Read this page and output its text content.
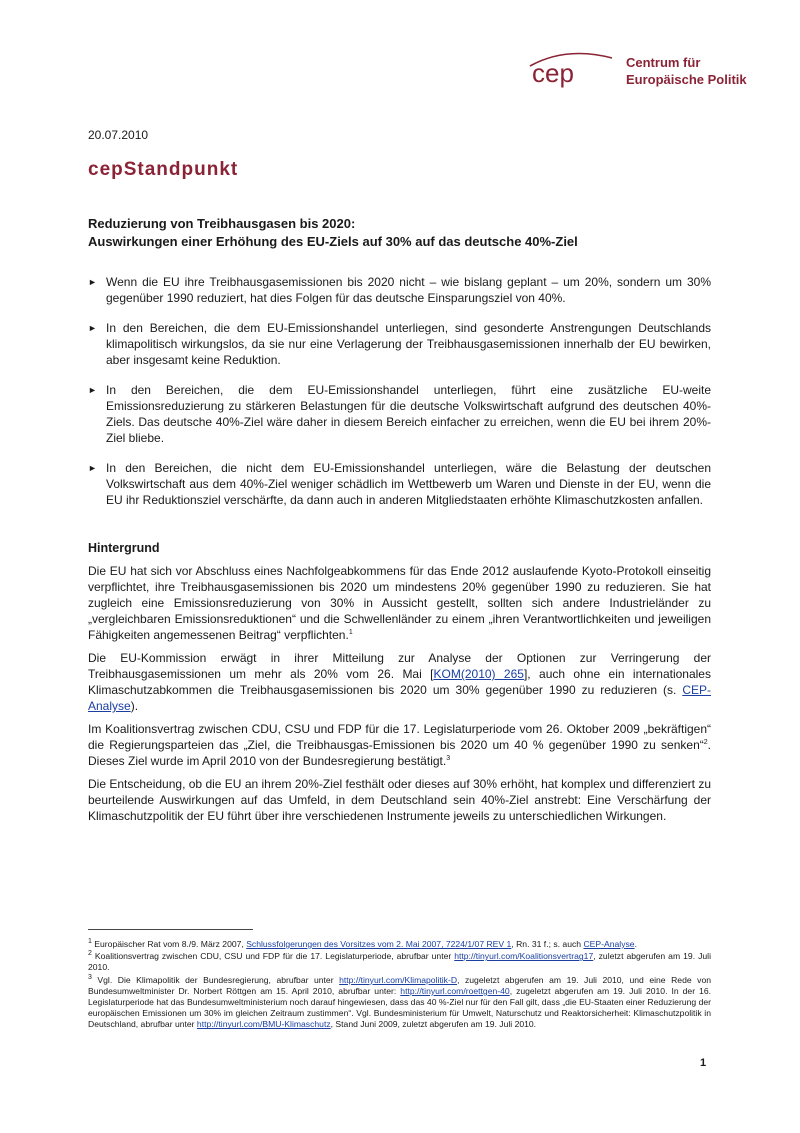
cep	Centrum für
Europäische Politik
20.07.2010
cepStandpunkt
Reduzierung von Treibhausgasen bis 2020:
Auswirkungen einer Erhöhung des EU-Ziels auf 30% auf das deutsche 40%-Ziel
► Wenn die EU ihre Treibhausgasemissionen bis 2020 nicht – wie bislang geplant – um 20%, sondern um 30% gegenüber 1990 reduziert, hat dies Folgen für das deutsche Einsparungsziel von 40%.
► In den Bereichen, die dem EU-Emissionshandel unterliegen, sind gesonderte Anstrengungen Deutschlands klimapolitisch wirkungslos, da sie nur eine Verlagerung der Treibhausgasemissionen innerhalb der EU bewirken, aber insgesamt keine Reduktion.
► In den Bereichen, die dem EU-Emissionshandel unterliegen, führt eine zusätzliche EU-weite Emissionsreduzierung zu stärkeren Belastungen für die deutsche Volkswirtschaft aufgrund des deutschen 40%-Ziels. Das deutsche 40%-Ziel wäre daher in diesem Bereich einfacher zu erreichen, wenn die EU bei ihrem 20%-Ziel bliebe.
► In den Bereichen, die nicht dem EU-Emissionshandel unterliegen, wäre die Belastung der deutschen Volkswirtschaft aus dem 40%-Ziel weniger schädlich im Wettbewerb um Waren und Dienste in der EU, wenn die EU ihr Reduktionsziel verschärfte, da dann auch in anderen Mitgliedstaaten erhöhte Klimaschutzkosten anfallen.
Hintergrund

Die EU hat sich vor Abschluss eines Nachfolgeabkommens für das Ende 2012 auslaufende Kyoto-Protokoll einseitig verpflichtet, ihre Treibhausgasemissionen bis 2020 um mindestens 20% gegenüber 1990 zu reduzieren. Sie hat zugleich eine Emissionsreduzierung von 30% in Aussicht gestellt, sollten sich andere Industrieländer zu „vergleichbaren Emissionsreduktionen“ und die Schwellenländer zu einem „ihren Verantwortlichkeiten und jeweiligen Fähigkeiten angemessenen Beitrag“ verpflichten.$^1$

Die EU-Kommission erwägt in ihrer Mitteilung zur Analyse der Optionen zur Verringerung der Treibhausgasemissionen um mehr als 20% vom 26. Mai [KOM(2010) 265], auch ohne ein internationales Klimaschutzabkommen die Treibhausgasemissionen bis 2020 um 30% gegenüber 1990 zu reduzieren (s. CEP-Analyse).

Im Koalitionsvertrag zwischen CDU, CSU und FDP für die 17. Legislaturperiode vom 26. Oktober 2009 „bekräftigen“ die Regierungsparteien das „Ziel, die Treibhausgas-Emissionen bis 2020 um 40 % gegenüber 1990 zu senken“$^2$. Dieses Ziel wurde im April 2010 von der Bundesregierung bestätigt.$^3$

Die Entscheidung, ob die EU an ihrem 20%-Ziel festhält oder dieses auf 30% erhöht, hat komplex und differenziert zu beurteilende Auswirkungen auf das Umfeld, in dem Deutschland sein 40%-Ziel anstrebt: Eine Verschärfung der Klimaschutzpolitik der EU führt über ihre verschiedenen Instrumente jeweils zu unterschiedlichen Wirkungen.

$^1$ Europäischer Rat vom 8./9. März 2007, Schlussfolgerungen des Vorsitzes vom 2. Mai 2007, 7224/1/07 REV 1, Rn. 31 f.; s. auch CEP-Analyse.

$^2$ Koalitionsvertrag zwischen CDU, CSU und FDP für die 17. Legislaturperiode, abrufbar unter http://tinyurl.com/Koalitionsvertrag17, zuletzt abgerufen am 19. Juli 2010.

$^3$ Vgl. Die Klimapolitik der Bundesregierung, abrufbar unter http://tinyurl.com/Klimapolitik-D, zugeletzt abgerufen am 19. Juli 2010, und eine Rede von Bundesumweltminister Dr. Norbert Röttgen am 15. April 2010, abrufbar unter: http://tinyurl.com/roettgen-40, zugeletzt abgerufen am 19. Juli 2010. In der 16. Legislaturperiode hat das Bundesumweltministerium noch darauf hingewiesen, dass das 40 %-Ziel nur für den Fall gilt, dass „die EU-Staaten einer Reduzierung der europäischen Emissionen um 30% im gleichen Zeitraum zustimmen“. Vgl. Bundesministerium für Umwelt, Naturschutz und Reaktorsicherheit: Klimaschutzpolitik in Deutschland, abrufbar unter http://tinyurl.com/BMU-Klimaschutz, Stand Juni 2009, zuletzt abgerufen am 19. Juli 2010.

1
